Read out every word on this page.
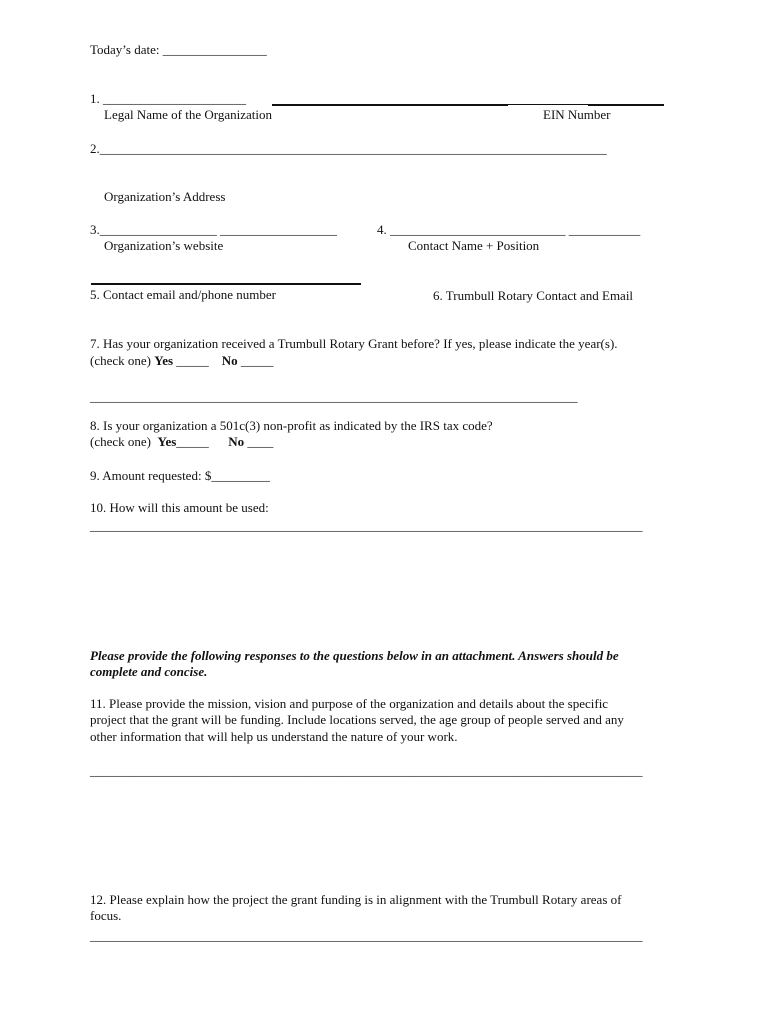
Today’s date: ________________
1. ______________________
Legal Name of the Organization	EIN Number
2.______________________________________________________________________________
Organization’s Address
3.__________________ __________________	4. ___________________________ ___________
Organization’s website	Contact Name + Position
5. Contact email and/phone number	6. Trumbull Rotary Contact and Email
7. Has your organization received a Trumbull Rotary Grant before? If yes, please indicate the year(s).
(check one) Yes _____ No _____
___________________________________________________________________________
8. Is your organization a 501c(3) non-profit as indicated by the IRS tax code?
(check one) Yes_____ No ____
9. Amount requested: $_________
10. How will this amount be used:
_____________________________________________________________________________________
Please provide the following responses to the questions below in an attachment. Answers should be
complete and concise.
11. Please provide the mission, vision and purpose of the organization and details about the specific
project that the grant will be funding. Include locations served, the age group of people served and any
other information that will help us understand the nature of your work.
_____________________________________________________________________________________
12. Please explain how the project the grant funding is in alignment with the Trumbull Rotary areas of
focus.
_____________________________________________________________________________________
